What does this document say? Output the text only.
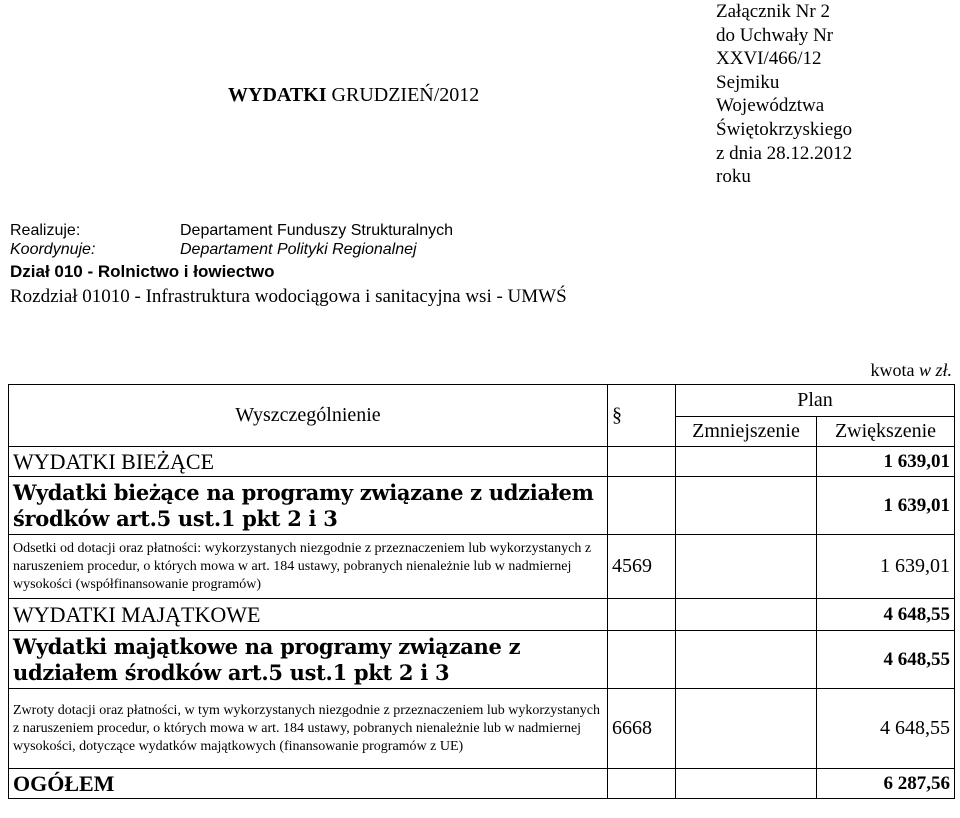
WYDATKI GRUDZIEŃ/2012
Załącznik Nr 2
do Uchwały Nr
XXVI/466/12
Sejmiku
Województwa
Świętokrzyskiego
z dnia 28.12.2012
roku
Realizuje:	Departament Funduszy Strukturalnych
Koordynuje:	Departament Polityki Regionalnej
Dział 010 - Rolnictwo i łowiectwo
Rozdział 01010 - Infrastruktura wodociągowa i sanitacyjna wsi - UMWŚ
kwota w zł.
Wyszczególnienie	§	Plan	
		Zmniejszenie	Zwiększenie
WYDATKI BIEŻĄCE			1 639,01
Wydatki bieżące na programy związane z udziałem środków art.5 ust.1 pkt 2 i 3			1 639,01
Odsetki od dotacji oraz płatności: wykorzystanych niezgodnie z przeznaczeniem lub wykorzystanych z naruszeniem procedur, o których mowa w art. 184 ustawy, pobranych nienależnie lub w nadmiernej wysokości (współfinansowanie programów)	4569		1 639,01
WYDATKI MAJĄTKOWE			4 648,55
Wydatki majątkowe na programy związane z udziałem środków art.5 ust.1 pkt 2 i 3			4 648,55
Zwroty dotacji oraz płatności, w tym wykorzystanych niezgodnie z przeznaczeniem lub wykorzystanych z naruszeniem procedur, o których mowa w art. 184 ustawy, pobranych nienależnie lub w nadmiernej wysokości, dotyczące wydatków majątkowych (finansowanie programów z UE)	6668		4 648,55
OGÓŁEM			6 287,56
